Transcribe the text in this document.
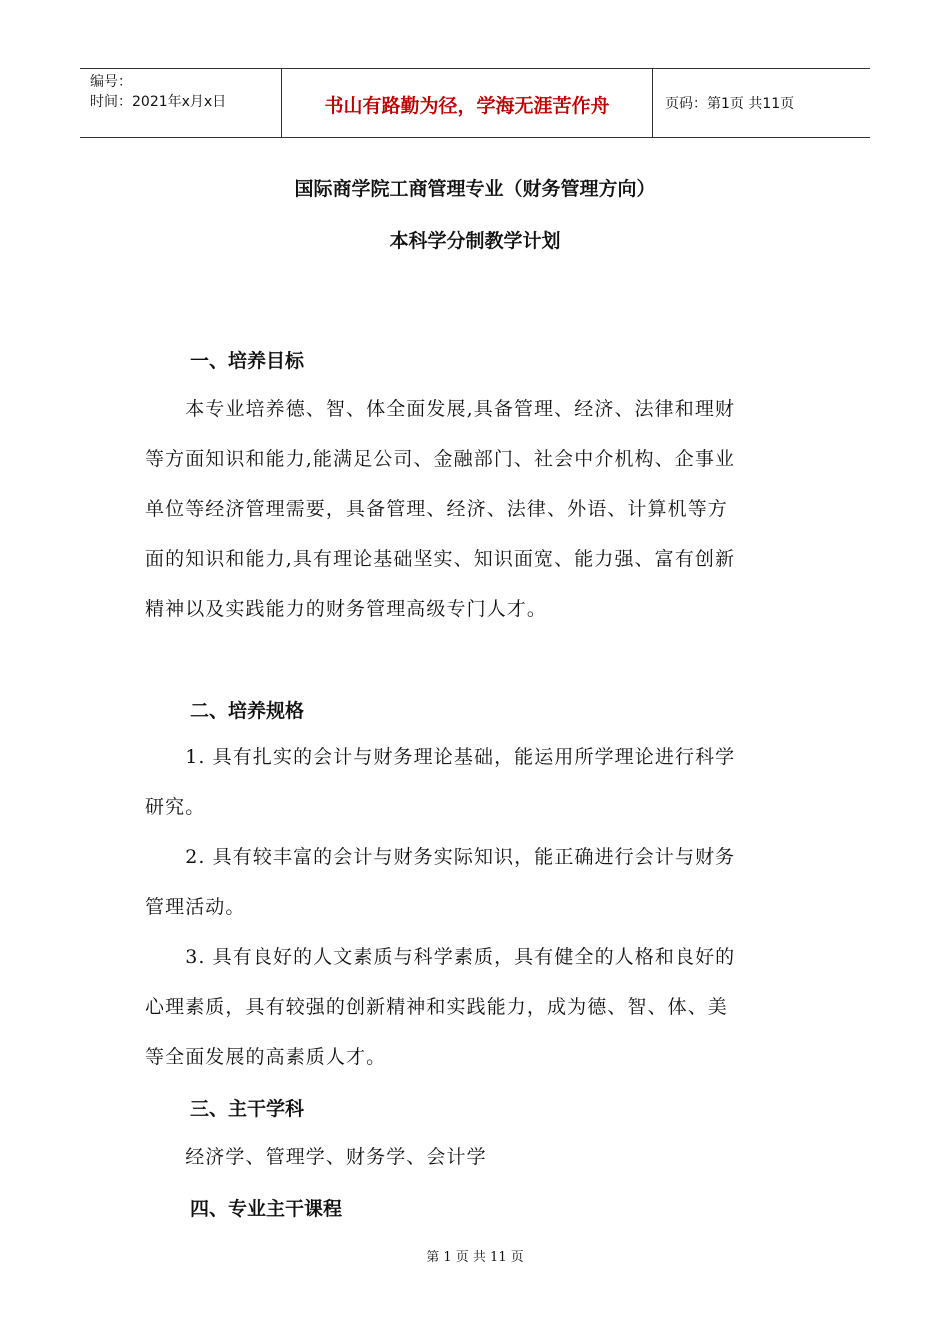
编号：
时间：2021年x月x日	书山有路勤为径，学海无涯苦作舟	页码：第1页 共11页
国际商学院工商管理专业（财务管理方向）
本科学分制教学计划
一、培养目标
　　本专业培养德、智、体全面发展,具备管理、经济、法律和理财
等方面知识和能力,能满足公司、金融部门、社会中介机构、企事业
单位等经济管理需要，具备管理、经济、法律、外语、计算机等方
面的知识和能力,具有理论基础坚实、知识面宽、能力强、富有创新
精神以及实践能力的财务管理高级专门人才。
二、培养规格
　　1. 具有扎实的会计与财务理论基础，能运用所学理论进行科学
研究。
　　2. 具有较丰富的会计与财务实际知识，能正确进行会计与财务
管理活动。
　　3. 具有良好的人文素质与科学素质，具有健全的人格和良好的
心理素质，具有较强的创新精神和实践能力，成为德、智、体、美
等全面发展的高素质人才。
三、主干学科
　　经济学、管理学、财务学、会计学
四、专业主干课程
第 1 页 共 11 页
